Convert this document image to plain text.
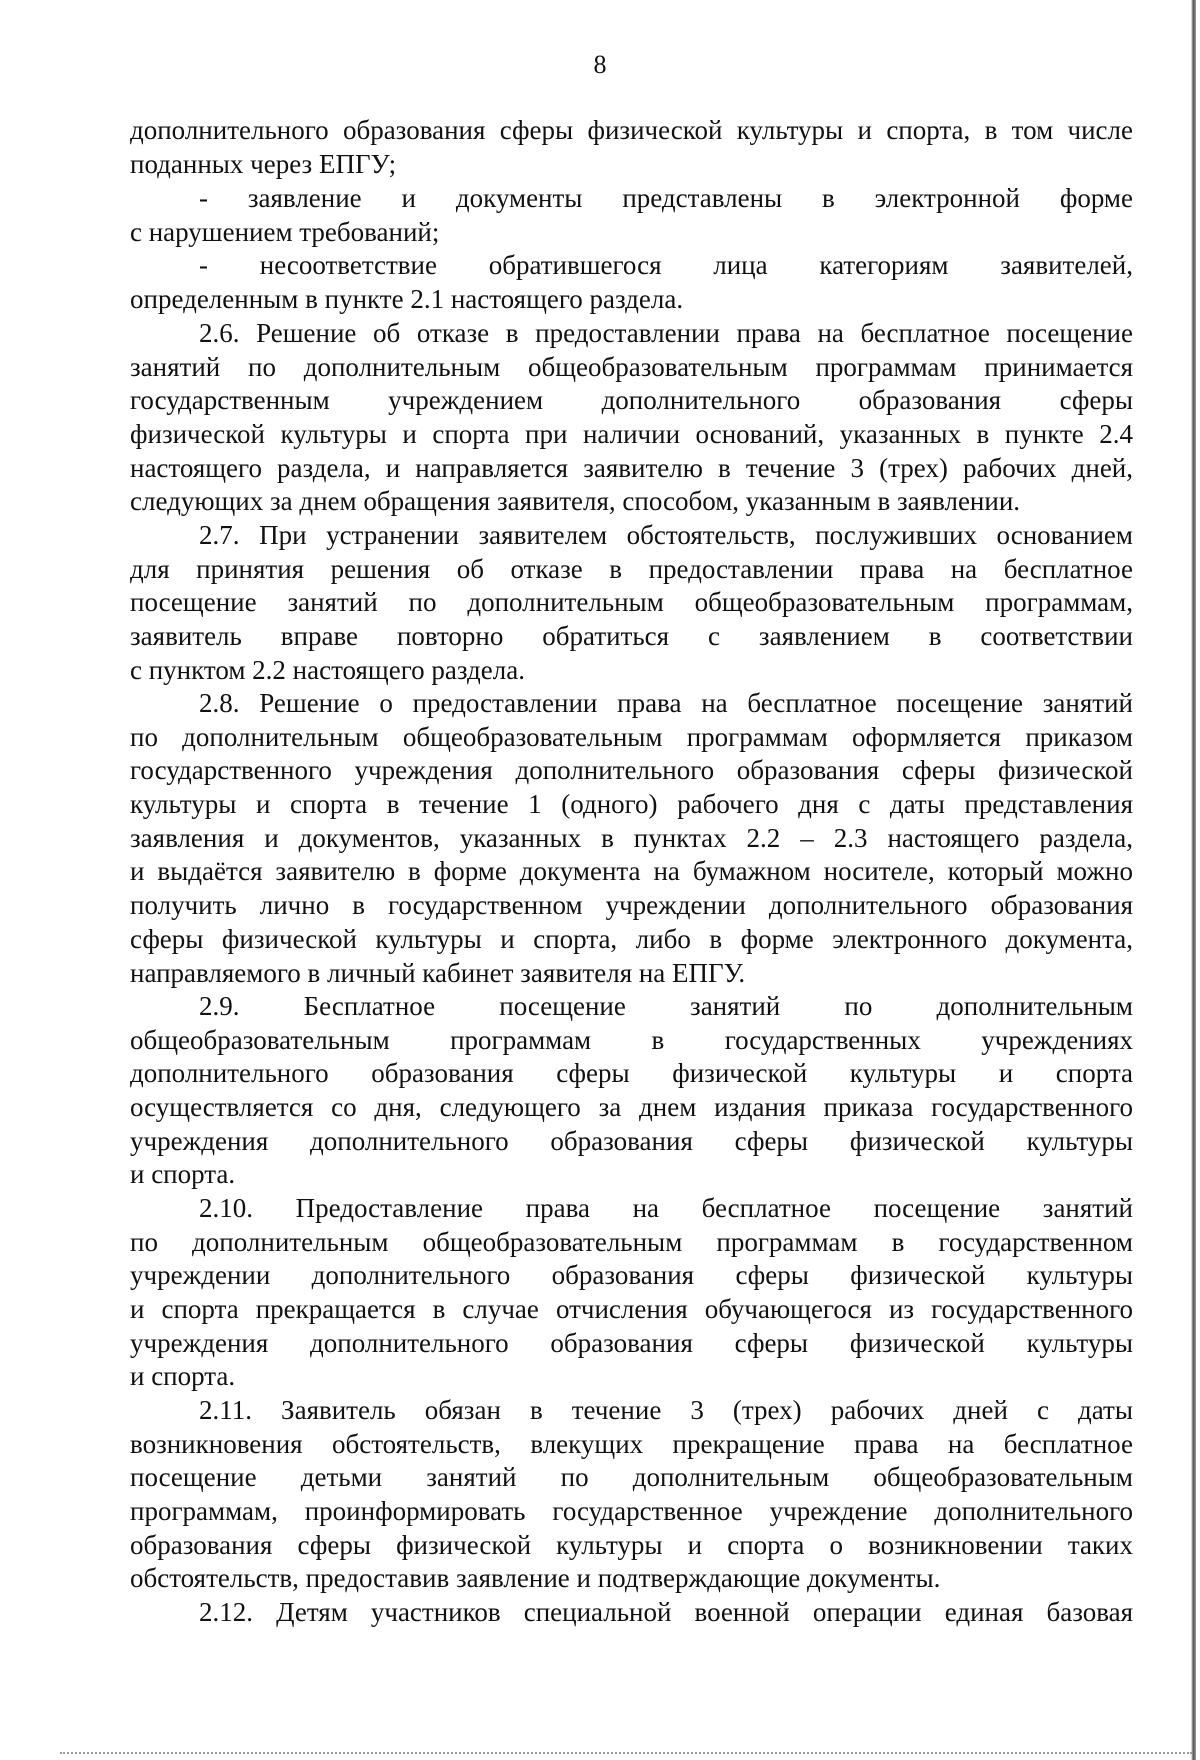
8
дополнительного образования сферы физической культуры и спорта, в том числе
поданных через ЕПГУ;
- заявление и документы представлены в электронной форме
с нарушением требований;
- несоответствие обратившегося лица категориям заявителей,
определенным в пункте 2.1 настоящего раздела.
2.6. Решение об отказе в предоставлении права на бесплатное посещение
занятий по дополнительным общеобразовательным программам принимается
государственным учреждением дополнительного образования сферы
физической культуры и спорта при наличии оснований, указанных в пункте 2.4
настоящего раздела, и направляется заявителю в течение 3 (трех) рабочих дней,
следующих за днем обращения заявителя, способом, указанным в заявлении.
2.7. При устранении заявителем обстоятельств, послуживших основанием
для принятия решения об отказе в предоставлении права на бесплатное
посещение занятий по дополнительным общеобразовательным программам,
заявитель вправе повторно обратиться с заявлением в соответствии
с пунктом 2.2 настоящего раздела.
2.8. Решение о предоставлении права на бесплатное посещение занятий
по дополнительным общеобразовательным программам оформляется приказом
государственного учреждения дополнительного образования сферы физической
культуры и спорта в течение 1 (одного) рабочего дня с даты представления
заявления и документов, указанных в пунктах 2.2 – 2.3 настоящего раздела,
и выдаётся заявителю в форме документа на бумажном носителе, который можно
получить лично в государственном учреждении дополнительного образования
сферы физической культуры и спорта, либо в форме электронного документа,
направляемого в личный кабинет заявителя на ЕПГУ.
2.9. Бесплатное посещение занятий по дополнительным
общеобразовательным программам в государственных учреждениях
дополнительного образования сферы физической культуры и спорта
осуществляется со дня, следующего за днем издания приказа государственного
учреждения дополнительного образования сферы физической культуры
и спорта.
2.10. Предоставление права на бесплатное посещение занятий
по дополнительным общеобразовательным программам в государственном
учреждении дополнительного образования сферы физической культуры
и спорта прекращается в случае отчисления обучающегося из государственного
учреждения дополнительного образования сферы физической культуры
и спорта.
2.11. Заявитель обязан в течение 3 (трех) рабочих дней с даты
возникновения обстоятельств, влекущих прекращение права на бесплатное
посещение детьми занятий по дополнительным общеобразовательным
программам, проинформировать государственное учреждение дополнительного
образования сферы физической культуры и спорта о возникновении таких
обстоятельств, предоставив заявление и подтверждающие документы.
2.12. Детям участников специальной военной операции единая базовая
